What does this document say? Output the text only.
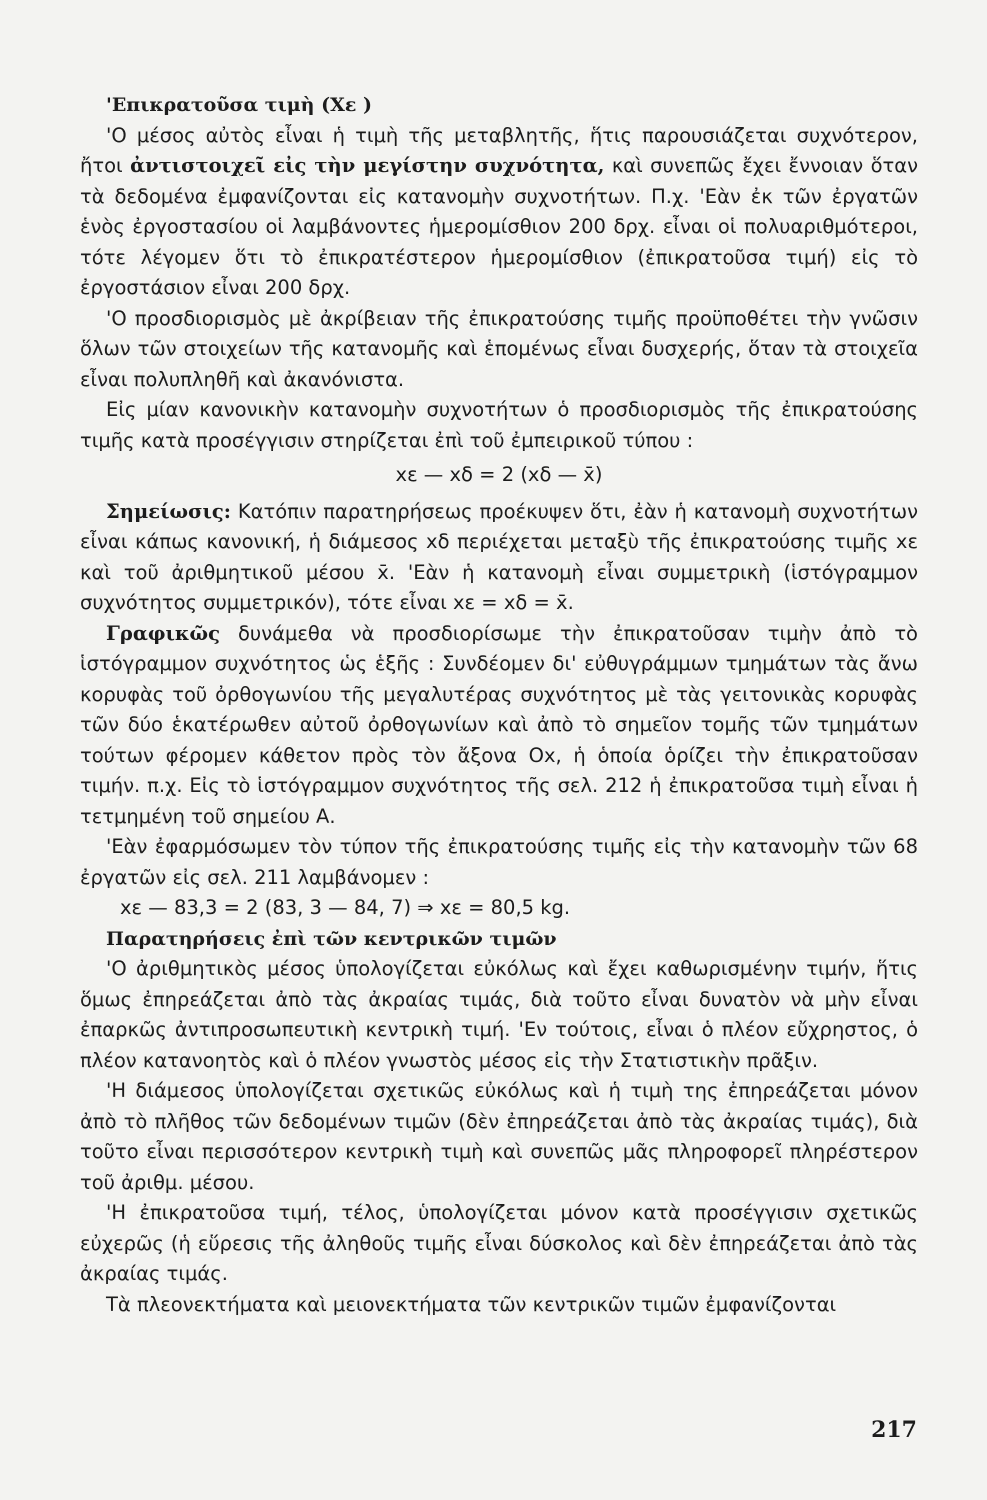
'Επικρατοῦσα τιμὴ (Χε )

'Ο μέσος αὐτὸς εἶναι ἡ τιμὴ τῆς μεταβλητῆς, ἥτις παρουσιάζεται συχνότερον, ἤτοι ἀντιστοιχεῖ εἰς τὴν μεγίστην συχνότητα, καὶ συνεπῶς ἔχει ἔννοιαν ὅταν τὰ δεδομένα ἐμφανίζονται εἰς κατανομὴν συχνοτήτων. Π.χ. 'Εὰν ἐκ τῶν ἐργατῶν ἑνὸς ἐργοστασίου οἱ λαμβάνοντες ἡμερομίσθιον 200 δρχ. εἶναι οἱ πολυαριθμότεροι, τότε λέγομεν ὅτι τὸ ἐπικρατέστερον ἡμερομίσθιον (ἐπικρατοῦσα τιμή) εἰς τὸ ἐργοστάσιον εἶναι 200 δρχ.

'Ο προσδιορισμὸς μὲ ἀκρίβειαν τῆς ἐπικρατούσης τιμῆς προϋποθέτει τὴν γνῶσιν ὅλων τῶν στοιχείων τῆς κατανομῆς καὶ ἑπομένως εἶναι δυσχερής, ὅταν τὰ στοιχεῖα εἶναι πολυπληθῆ καὶ ἀκανόνιστα.

Εἰς μίαν κανονικὴν κατανομὴν συχνοτήτων ὁ προσδιορισμὸς τῆς ἐπικρατούσης τιμῆς κατὰ προσέγγισιν στηρίζεται ἐπὶ τοῦ ἐμπειρικοῦ τύπου :

xε — xδ = 2 (xδ — x̄)

Σημείωσις: Κατόπιν παρατηρήσεως προέκυψεν ὅτι, ἐὰν ἡ κατανομὴ συχνοτήτων εἶναι κάπως κανονική, ἡ διάμεσος xδ περιέχεται μεταξὺ τῆς ἐπικρατούσης τιμῆς xε καὶ τοῦ ἀριθμητικοῦ μέσου x̄. 'Εὰν ἡ κατανομὴ εἶναι συμμετρικὴ (ἱστόγραμμον συχνότητος συμμετρικόν), τότε εἶναι xε = xδ = x̄.

Γραφικῶς δυνάμεθα νὰ προσδιορίσωμε τὴν ἐπικρατοῦσαν τιμὴν ἀπὸ τὸ ἱστόγραμμον συχνότητος ὡς ἑξῆς : Συνδέομεν δι' εὐθυγράμμων τμημάτων τὰς ἄνω κορυφὰς τοῦ ὀρθογωνίου τῆς μεγαλυτέρας συχνότητος μὲ τὰς γειτονικὰς κορυφὰς τῶν δύο ἑκατέρωθεν αὐτοῦ ὀρθογωνίων καὶ ἀπὸ τὸ σημεῖον τομῆς τῶν τμημάτων τούτων φέρομεν κάθετον πρὸς τὸν ἄξονα Ox, ἡ ὁποία ὁρίζει τὴν ἐπικρατοῦσαν τιμήν. π.χ. Εἰς τὸ ἱστόγραμμον συχνότητος τῆς σελ. 212 ἡ ἐπικρατοῦσα τιμὴ εἶναι ἡ τετμημένη τοῦ σημείου Α.

'Εὰν ἐφαρμόσωμεν τὸν τύπον τῆς ἐπικρατούσης τιμῆς εἰς τὴν κατανομὴν τῶν 68 ἐργατῶν εἰς σελ. 211 λαμβάνομεν :

xε — 83,3 = 2 (83, 3 — 84, 7) ⇒ xε = 80,5 kg.

Παρατηρήσεις ἐπὶ τῶν κεντρικῶν τιμῶν

'Ο ἀριθμητικὸς μέσος ὑπολογίζεται εὐκόλως καὶ ἔχει καθωρισμένην τιμήν, ἥτις ὅμως ἐπηρεάζεται ἀπὸ τὰς ἀκραίας τιμάς, διὰ τοῦτο εἶναι δυνατὸν νὰ μὴν εἶναι ἐπαρκῶς ἀντιπροσωπευτικὴ κεντρικὴ τιμή. 'Εν τούτοις, εἶναι ὁ πλέον εὔχρηστος, ὁ πλέον κατανοητὸς καὶ ὁ πλέον γνωστὸς μέσος εἰς τὴν Στατιστικὴν πρᾶξιν.

'Η διάμεσος ὑπολογίζεται σχετικῶς εὐκόλως καὶ ἡ τιμὴ της ἐπηρεάζεται μόνον ἀπὸ τὸ πλῆθος τῶν δεδομένων τιμῶν (δὲν ἐπηρεάζεται ἀπὸ τὰς ἀκραίας τιμάς), διὰ τοῦτο εἶναι περισσότερον κεντρικὴ τιμὴ καὶ συνεπῶς μᾶς πληροφορεῖ πληρέστερον τοῦ ἀριθμ. μέσου.

'Η ἐπικρατοῦσα τιμή, τέλος, ὑπολογίζεται μόνον κατὰ προσέγγισιν σχετικῶς εὐχερῶς (ἡ εὕρεσις τῆς ἀληθοῦς τιμῆς εἶναι δύσκολος καὶ δὲν ἐπηρεάζεται ἀπὸ τὰς ἀκραίας τιμάς.

Τὰ πλεονεκτήματα καὶ μειονεκτήματα τῶν κεντρικῶν τιμῶν ἐμφανίζονται

217
